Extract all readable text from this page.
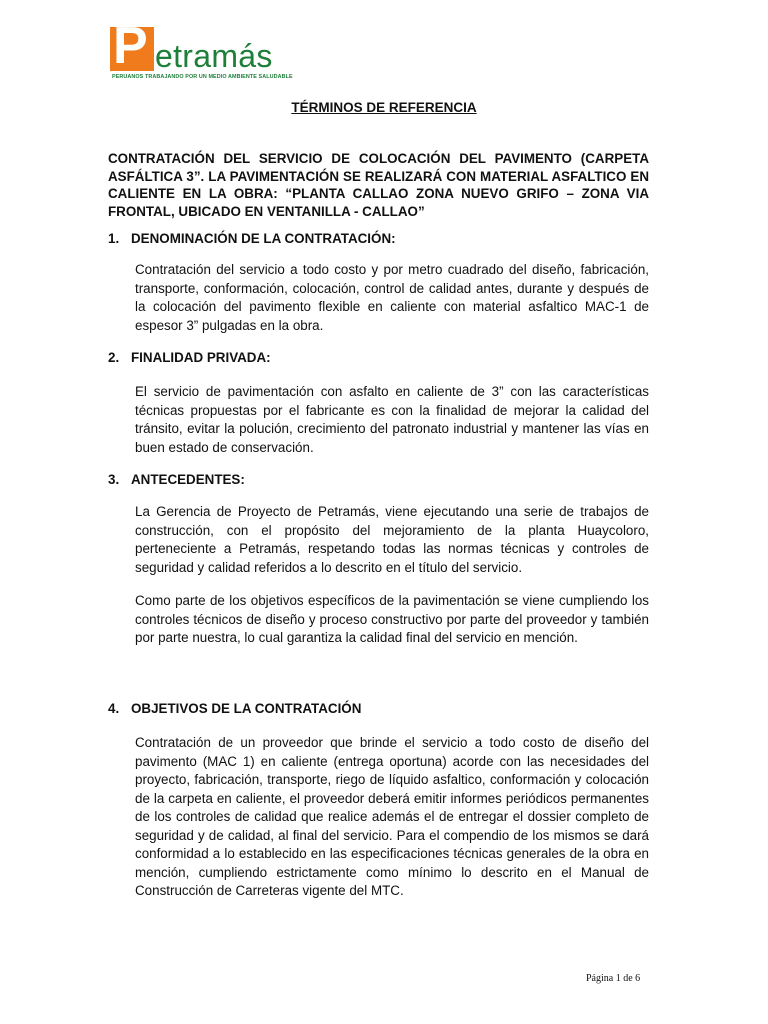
P etramás
PERUANOS TRABAJANDO POR UN MEDIO AMBIENTE SALUDABLE
TÉRMINOS DE REFERENCIA
CONTRATACIÓN DEL SERVICIO DE COLOCACIÓN DEL PAVIMENTO (CARPETA ASFÁLTICA 3”. LA PAVIMENTACIÓN SE REALIZARÁ CON MATERIAL ASFALTICO EN CALIENTE EN LA OBRA: “PLANTA CALLAO ZONA NUEVO GRIFO – ZONA VIA FRONTAL, UBICADO EN VENTANILLA - CALLAO”
1. DENOMINACIÓN DE LA CONTRATACIÓN:
Contratación del servicio a todo costo y por metro cuadrado del diseño, fabricación, transporte, conformación, colocación, control de calidad antes, durante y después de la colocación del pavimento flexible en caliente con material asfaltico MAC-1 de espesor 3” pulgadas en la obra.
2. FINALIDAD PRIVADA:
El servicio de pavimentación con asfalto en caliente de 3” con las características técnicas propuestas por el fabricante es con la finalidad de mejorar la calidad del tránsito, evitar la polución, crecimiento del patronato industrial y mantener las vías en buen estado de conservación.
3. ANTECEDENTES:
La Gerencia de Proyecto de Petramás, viene ejecutando una serie de trabajos de construcción, con el propósito del mejoramiento de la planta Huaycoloro, perteneciente a Petramás, respetando todas las normas técnicas y controles de seguridad y calidad referidos a lo descrito en el título del servicio.
Como parte de los objetivos específicos de la pavimentación se viene cumpliendo los controles técnicos de diseño y proceso constructivo por parte del proveedor y también por parte nuestra, lo cual garantiza la calidad final del servicio en mención.
4. OBJETIVOS DE LA CONTRATACIÓN
Contratación de un proveedor que brinde el servicio a todo costo de diseño del pavimento (MAC 1) en caliente (entrega oportuna) acorde con las necesidades del proyecto, fabricación, transporte, riego de líquido asfaltico, conformación y colocación de la carpeta en caliente, el proveedor deberá emitir informes periódicos permanentes de los controles de calidad que realice además el de entregar el dossier completo de seguridad y de calidad, al final del servicio. Para el compendio de los mismos se dará conformidad a lo establecido en las especificaciones técnicas generales de la obra en mención, cumpliendo estrictamente como mínimo lo descrito en el Manual de Construcción de Carreteras vigente del MTC.
Página 1 de 6
